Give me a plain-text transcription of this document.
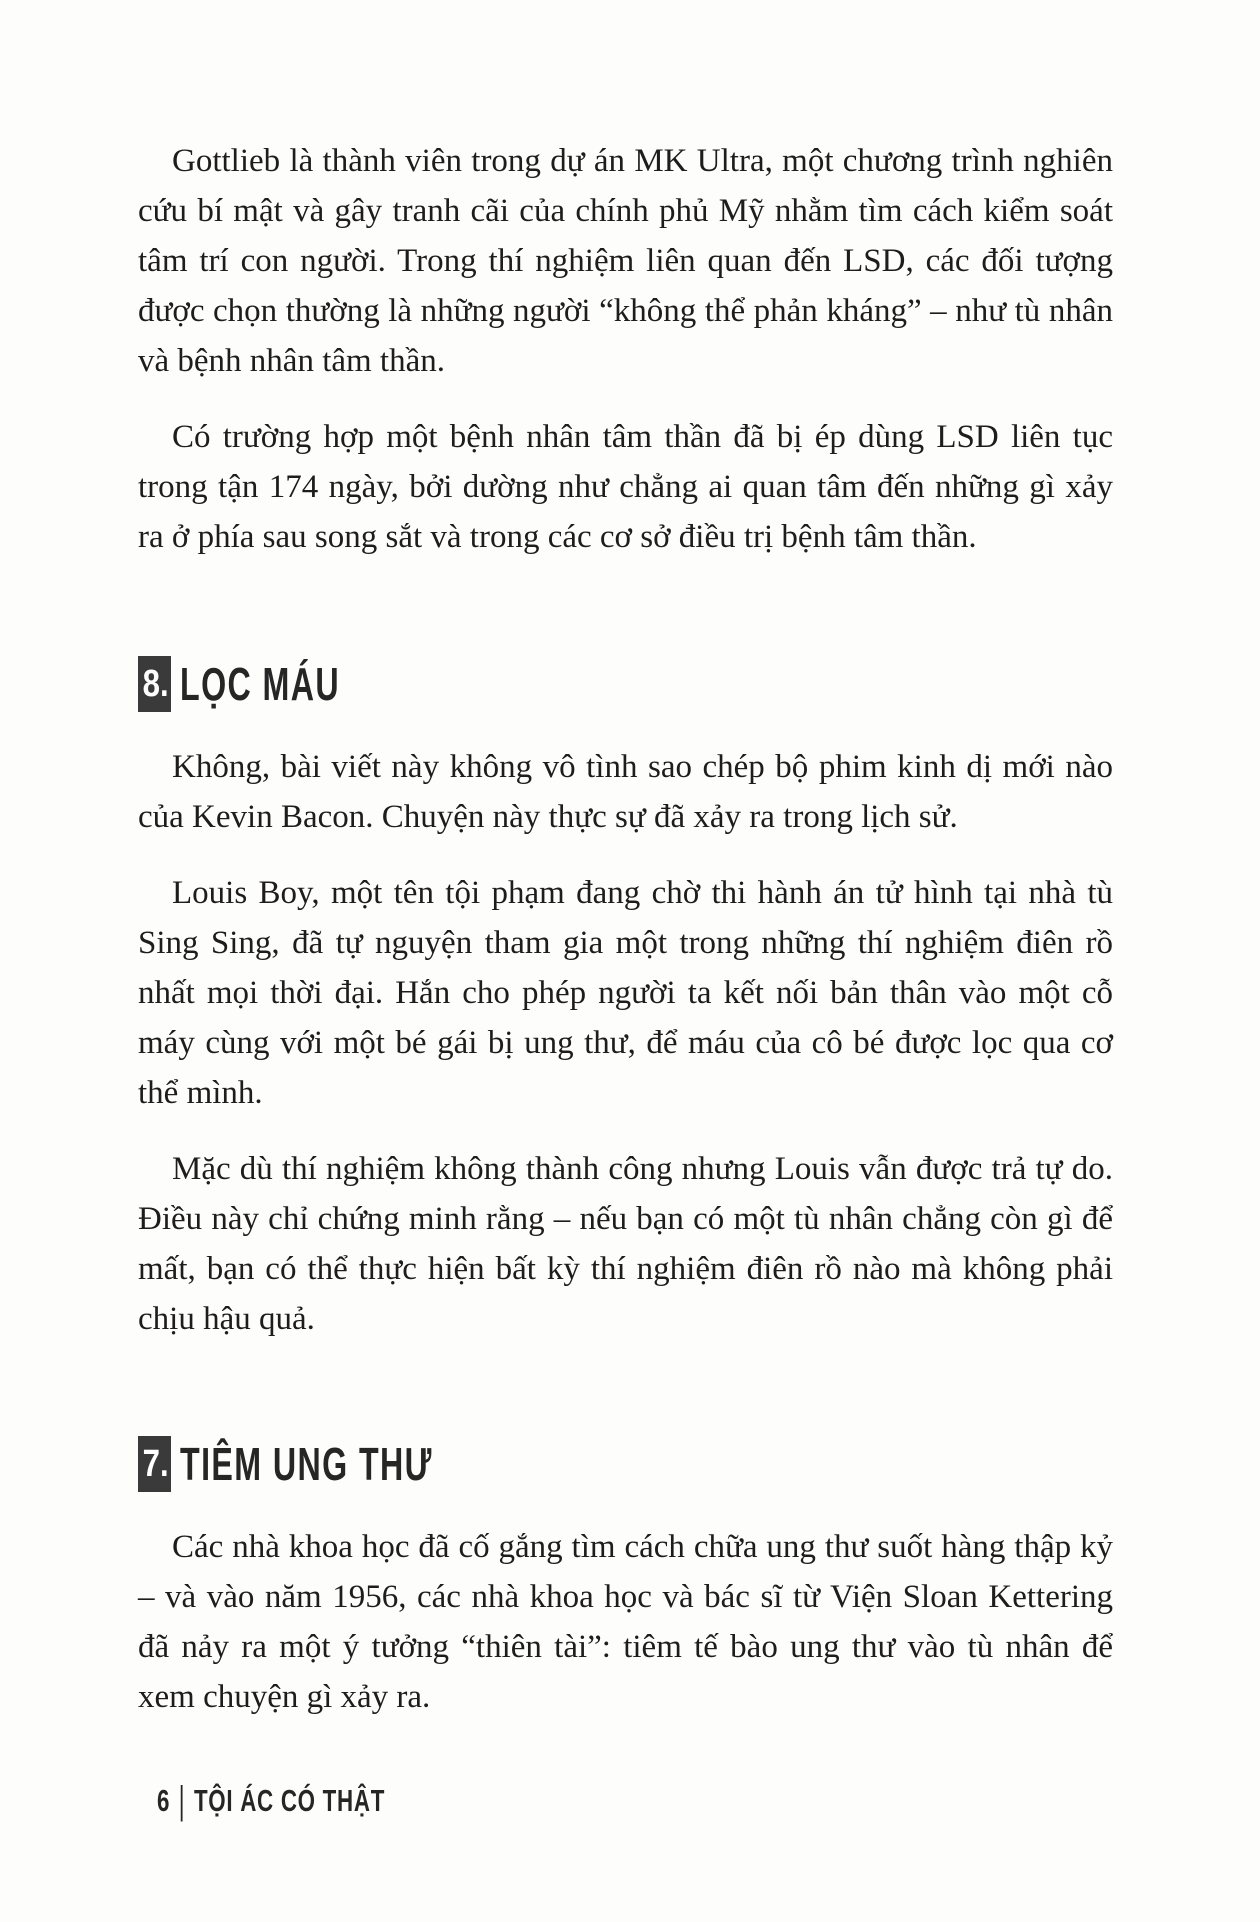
Gottlieb là thành viên trong dự án MK Ultra, một chương trình nghiên cứu bí mật và gây tranh cãi của chính phủ Mỹ nhằm tìm cách kiểm soát tâm trí con người. Trong thí nghiệm liên quan đến LSD, các đối tượng được chọn thường là những người “không thể phản kháng” – như tù nhân và bệnh nhân tâm thần.

Có trường hợp một bệnh nhân tâm thần đã bị ép dùng LSD liên tục trong tận 174 ngày, bởi dường như chẳng ai quan tâm đến những gì xảy ra ở phía sau song sắt và trong các cơ sở điều trị bệnh tâm thần.

8. LỌC MÁU

Không, bài viết này không vô tình sao chép bộ phim kinh dị mới nào của Kevin Bacon. Chuyện này thực sự đã xảy ra trong lịch sử.

Louis Boy, một tên tội phạm đang chờ thi hành án tử hình tại nhà tù Sing Sing, đã tự nguyện tham gia một trong những thí nghiệm điên rồ nhất mọi thời đại. Hắn cho phép người ta kết nối bản thân vào một cỗ máy cùng với một bé gái bị ung thư, để máu của cô bé được lọc qua cơ thể mình.

Mặc dù thí nghiệm không thành công nhưng Louis vẫn được trả tự do. Điều này chỉ chứng minh rằng – nếu bạn có một tù nhân chẳng còn gì để mất, bạn có thể thực hiện bất kỳ thí nghiệm điên rồ nào mà không phải chịu hậu quả.

7. TIÊM UNG THƯ

Các nhà khoa học đã cố gắng tìm cách chữa ung thư suốt hàng thập kỷ – và vào năm 1956, các nhà khoa học và bác sĩ từ Viện Sloan Kettering đã nảy ra một ý tưởng “thiên tài”: tiêm tế bào ung thư vào tù nhân để xem chuyện gì xảy ra.

6 | TỘI ÁC CÓ THẬT
